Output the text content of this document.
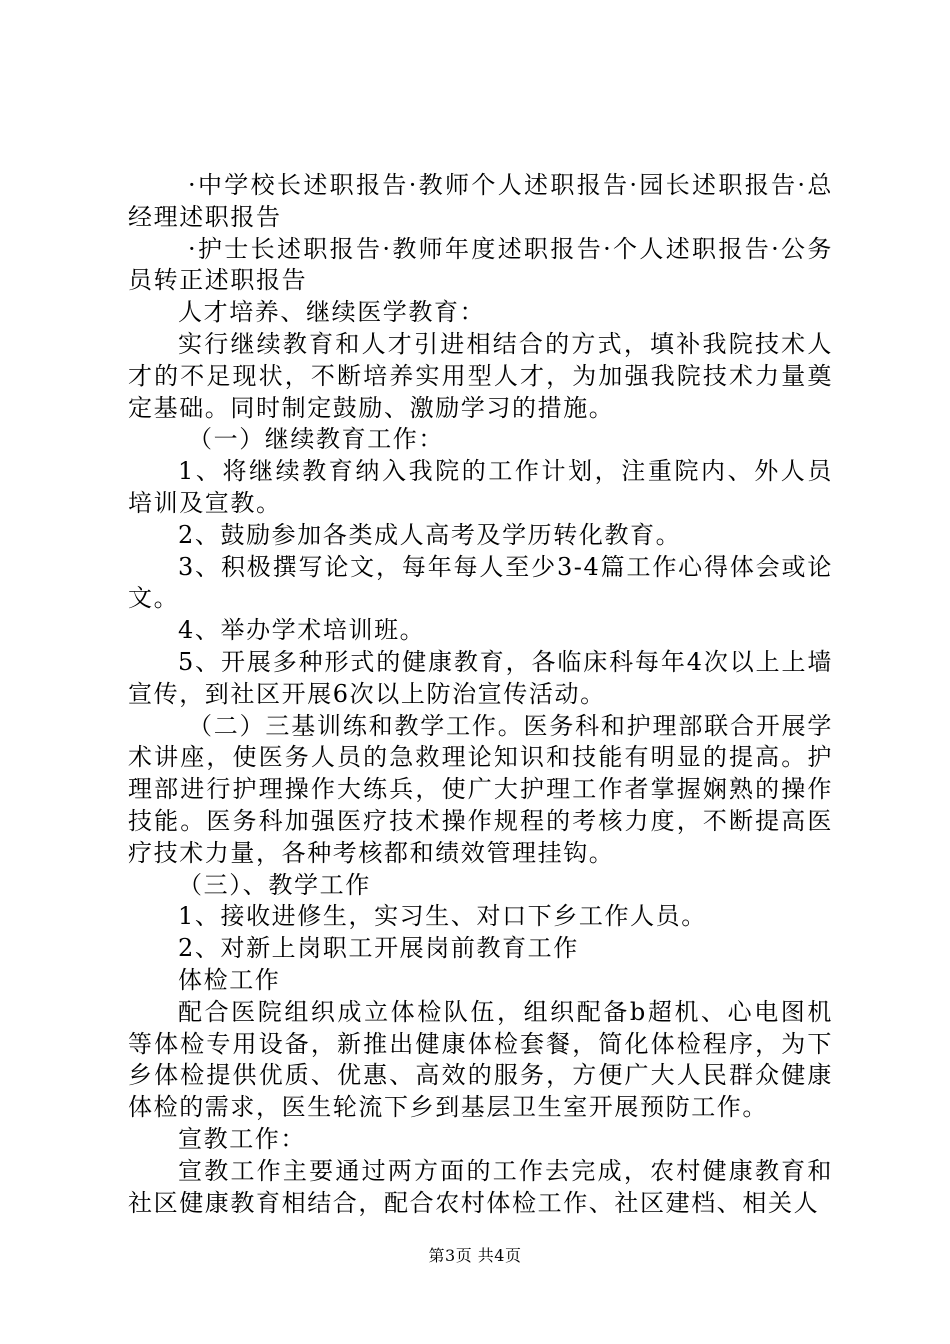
·中学校长述职报告·教师个人述职报告·园长述职报告·总经理述职报告

·护士长述职报告·教师年度述职报告·个人述职报告·公务员转正述职报告

人才培养、继续医学教育：

实行继续教育和人才引进相结合的方式，填补我院技术人才的不足现状，不断培养实用型人才，为加强我院技术力量奠定基础。同时制定鼓励、激励学习的措施。

（一）继续教育工作：

1、将继续教育纳入我院的工作计划，注重院内、外人员培训及宣教。

2、鼓励参加各类成人高考及学历转化教育。

3、积极撰写论文，每年每人至少3-4篇工作心得体会或论文。

4、举办学术培训班。

5、开展多种形式的健康教育，各临床科每年4次以上上墙宣传，到社区开展6次以上防治宣传活动。

（二）三基训练和教学工作。医务科和护理部联合开展学术讲座，使医务人员的急救理论知识和技能有明显的提高。护理部进行护理操作大练兵，使广大护理工作者掌握娴熟的操作技能。医务科加强医疗技术操作规程的考核力度，不断提高医疗技术力量，各种考核都和绩效管理挂钩。

（三）、教学工作

1、接收进修生，实习生、对口下乡工作人员。

2、对新上岗职工开展岗前教育工作

体检工作

配合医院组织成立体检队伍，组织配备b超机、心电图机等体检专用设备，新推出健康体检套餐，简化体检程序，为下乡体检提供优质、优惠、高效的服务，方便广大人民群众健康体检的需求，医生轮流下乡到基层卫生室开展预防工作。

宣教工作：

宣教工作主要通过两方面的工作去完成，农村健康教育和社区健康教育相结合，配合农村体检工作、社区建档、相关人

第3页 共4页
